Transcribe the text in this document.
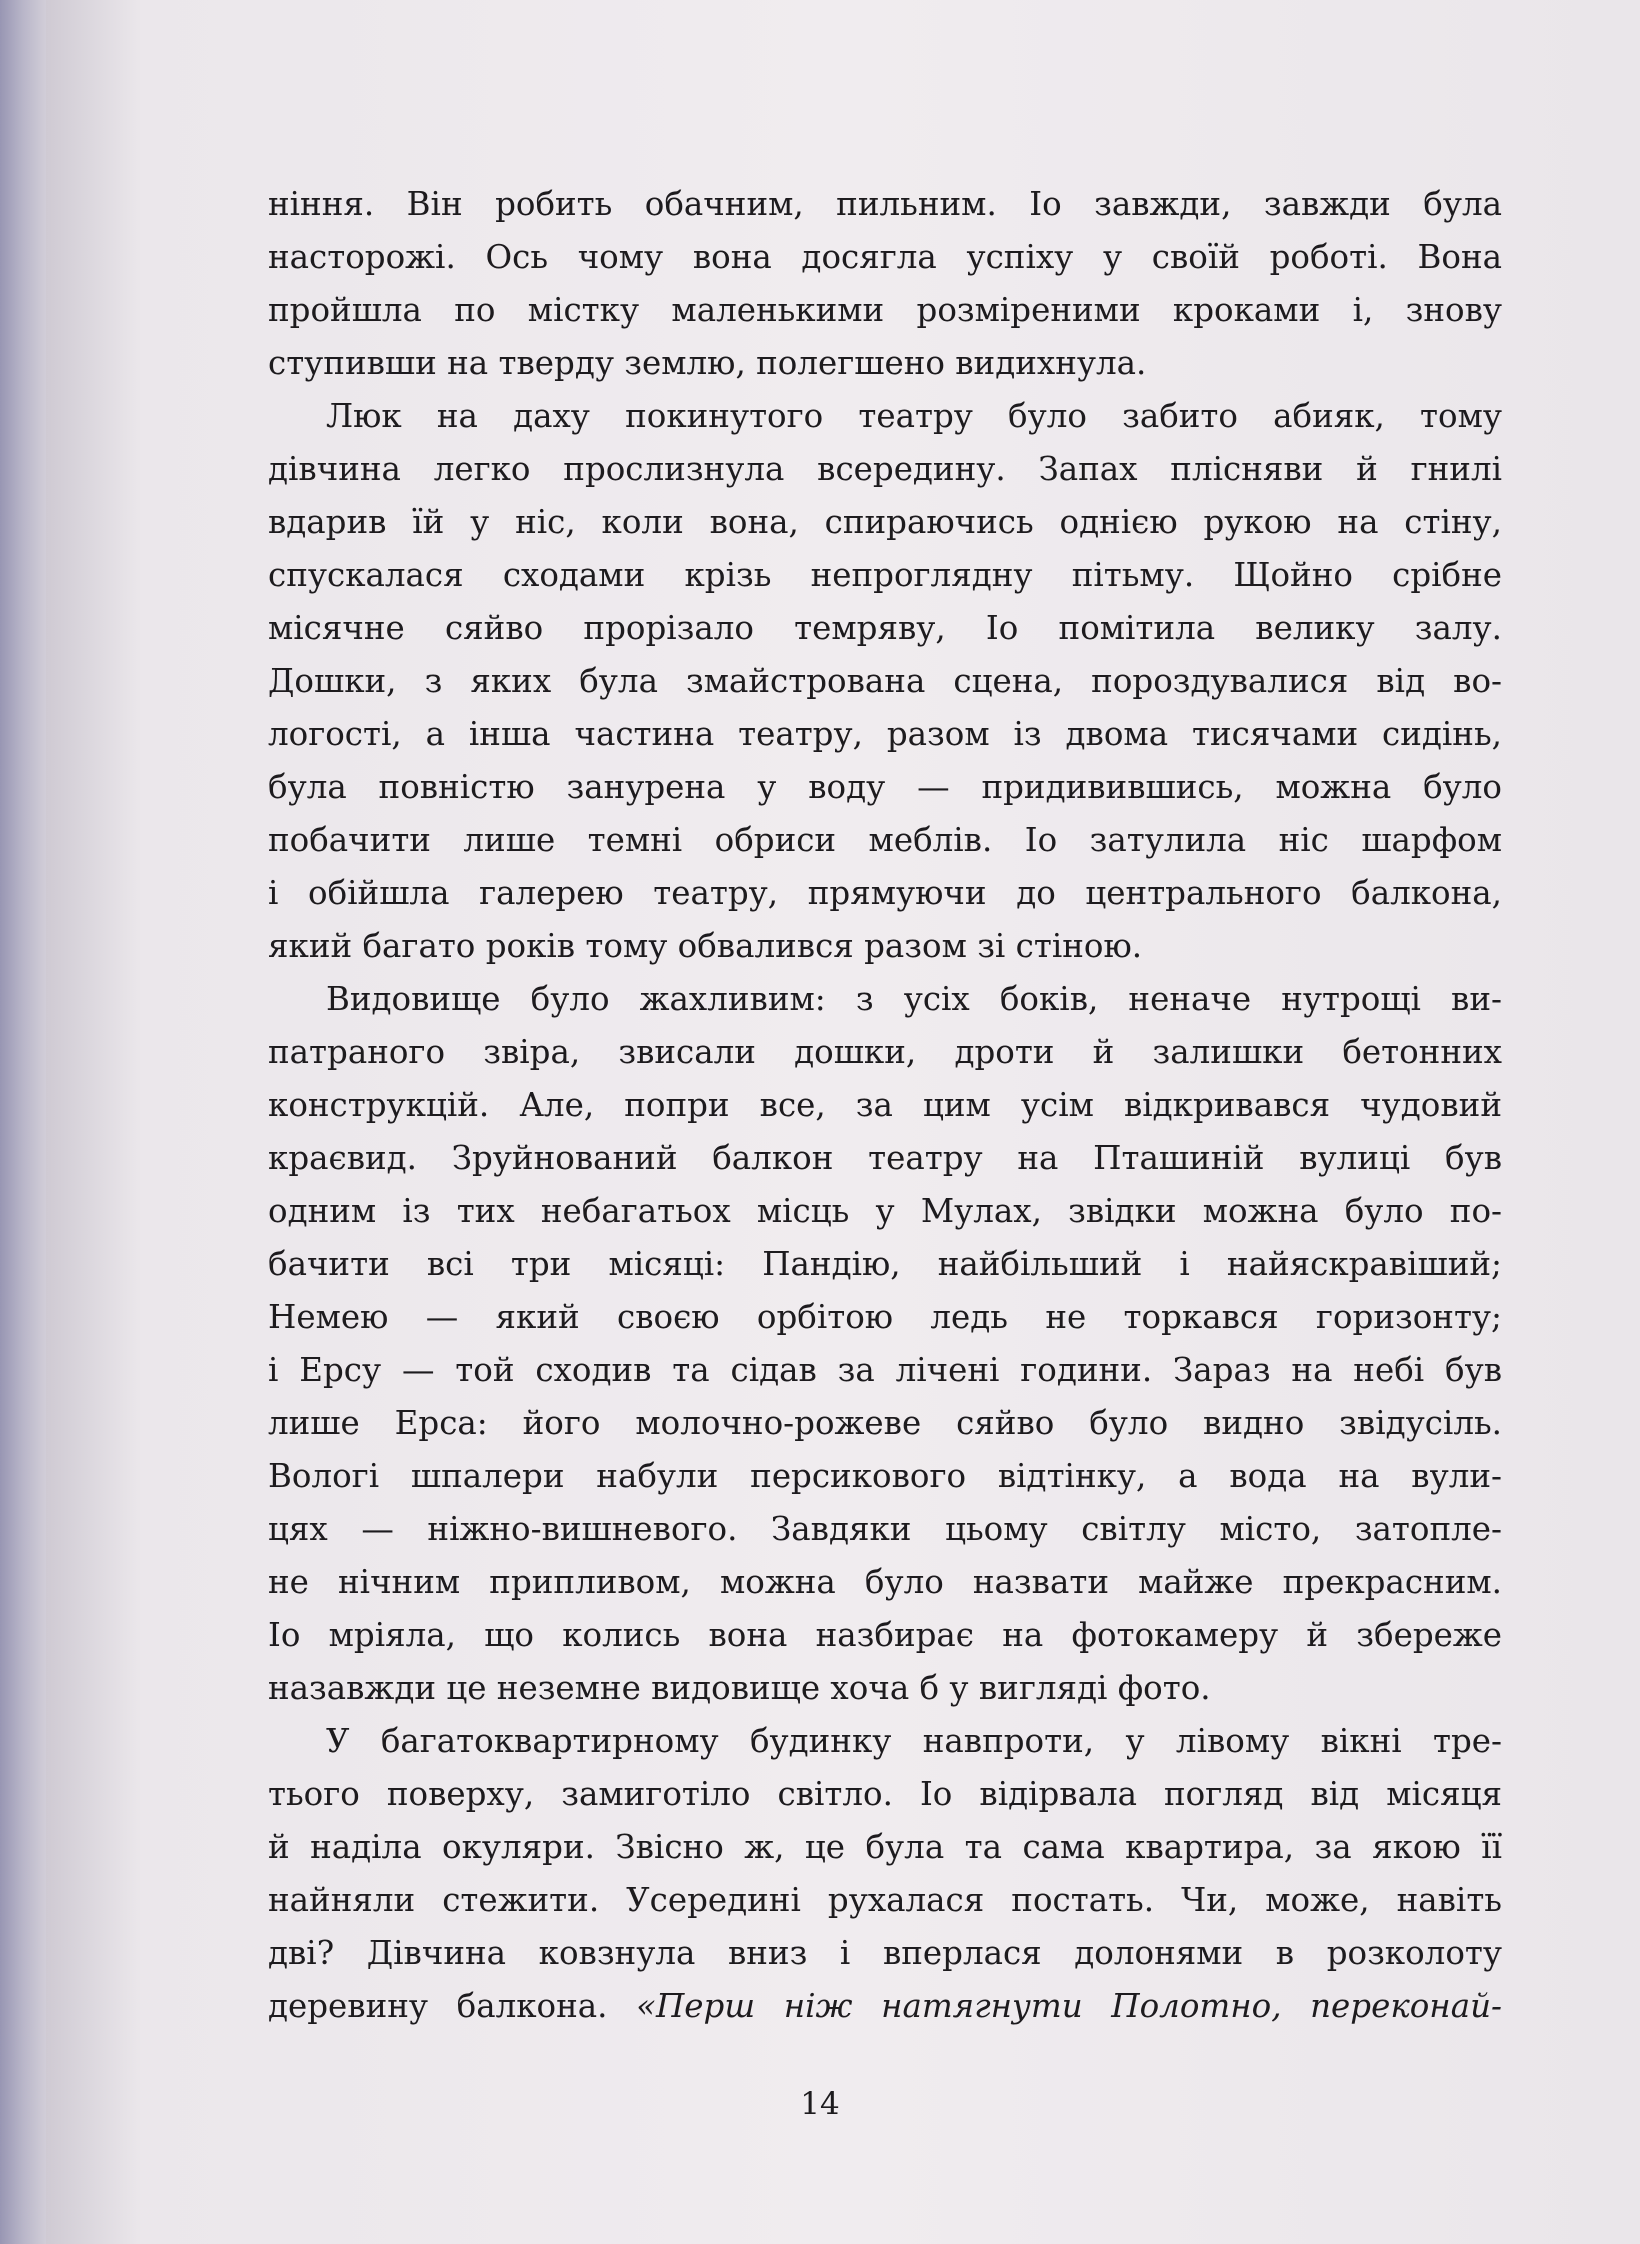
ніння. Він робить обачним, пильним. Іо завжди, завжди була
насторожі. Ось чому вона досягла успіху у своїй роботі. Вона
пройшла по містку маленькими розміреними кроками і, знову
ступивши на тверду землю, полегшено видихнула.
Люк на даху покинутого театру було забито абияк, тому
дівчина легко прослизнула всередину. Запах плісняви й гнилі
вдарив їй у ніс, коли вона, спираючись однією рукою на стіну,
спускалася сходами крізь непроглядну пітьму. Щойно срібне
місячне сяйво прорізало темряву, Іо помітила велику залу.
Дошки, з яких була змайстрована сцена, пороздувалися від во-
логості, а інша частина театру, разом із двома тисячами сидінь,
була повністю занурена у воду — придивившись, можна було
побачити лише темні обриси меблів. Іо затулила ніс шарфом
і обійшла галерею театру, прямуючи до центрального балкона,
який багато років тому обвалився разом зі стіною.
Видовище було жахливим: з усіх боків, неначе нутрощі ви-
патраного звіра, звисали дошки, дроти й залишки бетонних
конструкцій. Але, попри все, за цим усім відкривався чудовий
краєвид. Зруйнований балкон театру на Пташиній вулиці був
одним із тих небагатьох місць у Мулах, звідки можна було по-
бачити всі три місяці: Пандію, найбільший і найяскравіший;
Немею — який своєю орбітою ледь не торкався горизонту;
і Ерсу — той сходив та сідав за лічені години. Зараз на небі був
лише Ерса: його молочно-рожеве сяйво було видно звідусіль.
Вологі шпалери набули персикового відтінку, а вода на вули-
цях — ніжно-вишневого. Завдяки цьому світлу місто, затопле-
не нічним припливом, можна було назвати майже прекрасним.
Іо мріяла, що колись вона назбирає на фотокамеру й збереже
назавжди це неземне видовище хоча б у вигляді фото.
У багатоквартирному будинку навпроти, у лівому вікні тре-
тього поверху, замиготіло світло. Іо відірвала погляд від місяця
й наділа окуляри. Звісно ж, це була та сама квартира, за якою її
найняли стежити. Усередині рухалася постать. Чи, може, навіть
дві? Дівчина ковзнула вниз і вперлася долонями в розколоту
деревину балкона. «Перш ніж натягнути Полотно, переконай-
14
